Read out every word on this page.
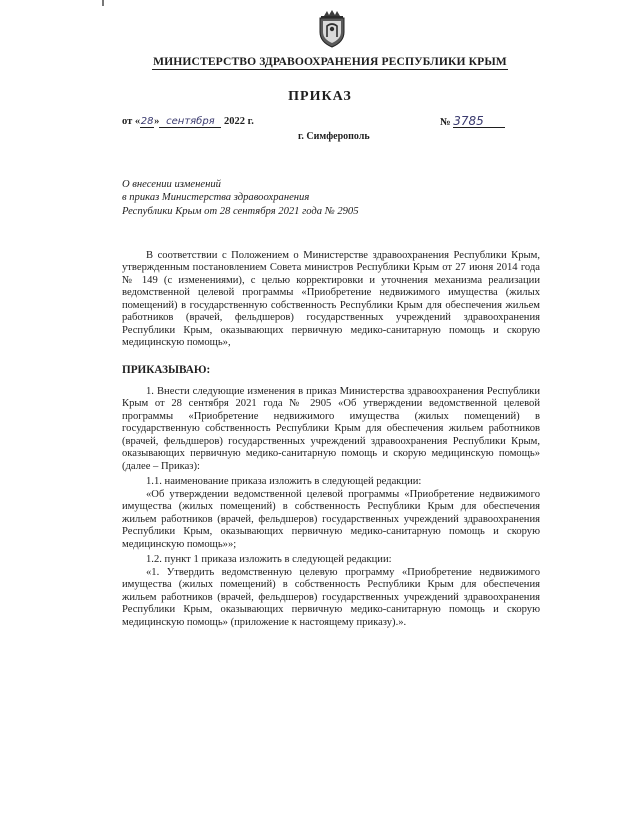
МИНИСТЕРСТВО ЗДРАВООХРАНЕНИЯ РЕСПУБЛИКИ КРЫМ
ПРИКАЗ
от «28» сентября 2022 г.
г. Симферополь
№ 3785
О внесении изменений
в приказ Министерства здравоохранения
Республики Крым от 28 сентября 2021 года № 2905

В соответствии с Положением о Министерстве здравоохранения Республики Крым, утвержденным постановлением Совета министров Республики Крым от 27 июня 2014 года № 149 (с изменениями), с целью корректировки и уточнения механизма реализации ведомственной целевой программы «Приобретение недвижимого имущества (жилых помещений) в государственную собственность Республики Крым для обеспечения жильем работников (врачей, фельдшеров) государственных учреждений здравоохранения Республики Крым, оказывающих первичную медико-санитарную помощь и скорую медицинскую помощь»,

ПРИКАЗЫВАЮ:

1. Внести следующие изменения в приказ Министерства здравоохранения Республики Крым от 28 сентября 2021 года № 2905 «Об утверждении ведомственной целевой программы «Приобретение недвижимого имущества (жилых помещений) в государственную собственность Республики Крым для обеспечения жильем работников (врачей, фельдшеров) государственных учреждений здравоохранения Республики Крым, оказывающих первичную медико-санитарную помощь и скорую медицинскую помощь» (далее – Приказ):

1.1. наименование приказа изложить в следующей редакции:

«Об утверждении ведомственной целевой программы «Приобретение недвижимого имущества (жилых помещений) в собственность Республики Крым для обеспечения жильем работников (врачей, фельдшеров) государственных учреждений здравоохранения Республики Крым, оказывающих первичную медико-санитарную помощь и скорую медицинскую помощь»»;

1.2. пункт 1 приказа изложить в следующей редакции:

«1. Утвердить ведомственную целевую программу «Приобретение недвижимого имущества (жилых помещений) в собственность Республики Крым для обеспечения жильем работников (врачей, фельдшеров) государственных учреждений здравоохранения Республики Крым, оказывающих первичную медико-санитарную помощь и скорую медицинскую помощь» (приложение к настоящему приказу).».
